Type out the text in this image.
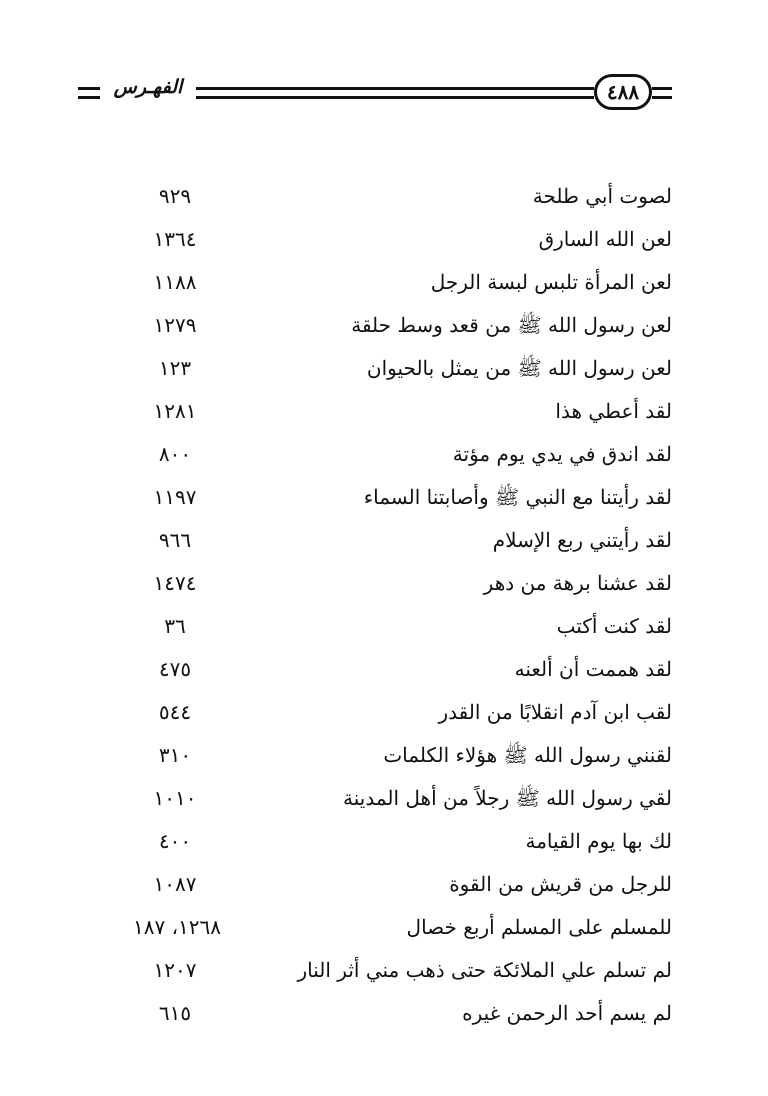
الفهـرس	٤٨٨
لصوت أبي طلحة
٩٢٩
لعن الله السارق
١٣٦٤
لعن المرأة تلبس لبسة الرجل
١١٨٨
لعن رسول الله ﷺ من قعد وسط حلقة
١٢٧٩
لعن رسول الله ﷺ من يمثل بالحيوان
١٢٣
لقد أعطي هذا
١٢٨١
لقد اندق في يدي يوم مؤتة
٨٠٠
لقد رأيتنا مع النبي ﷺ وأصابتنا السماء
١١٩٧
لقد رأيتني ربع الإسلام
٩٦٦
لقد عشنا برهة من دهر
١٤٧٤
لقد كنت أكتب
٣٦
لقد هممت أن ألعنه
٤٧٥
لقب ابن آدم انقلابًا من القدر
٥٤٤
لقنني رسول الله ﷺ هؤلاء الكلمات
٣١٠
لقي رسول الله ﷺ رجلاً من أهل المدينة
١٠١٠
لك بها يوم القيامة
٤٠٠
للرجل من قريش من القوة
١٠٨٧
للمسلم على المسلم أربع خصال
١٢٦٨، ١٨٧
لم تسلم علي الملائكة حتى ذهب مني أثر النار
١٢٠٧
لم يسم أحد الرحمن غيره
٦١٥
